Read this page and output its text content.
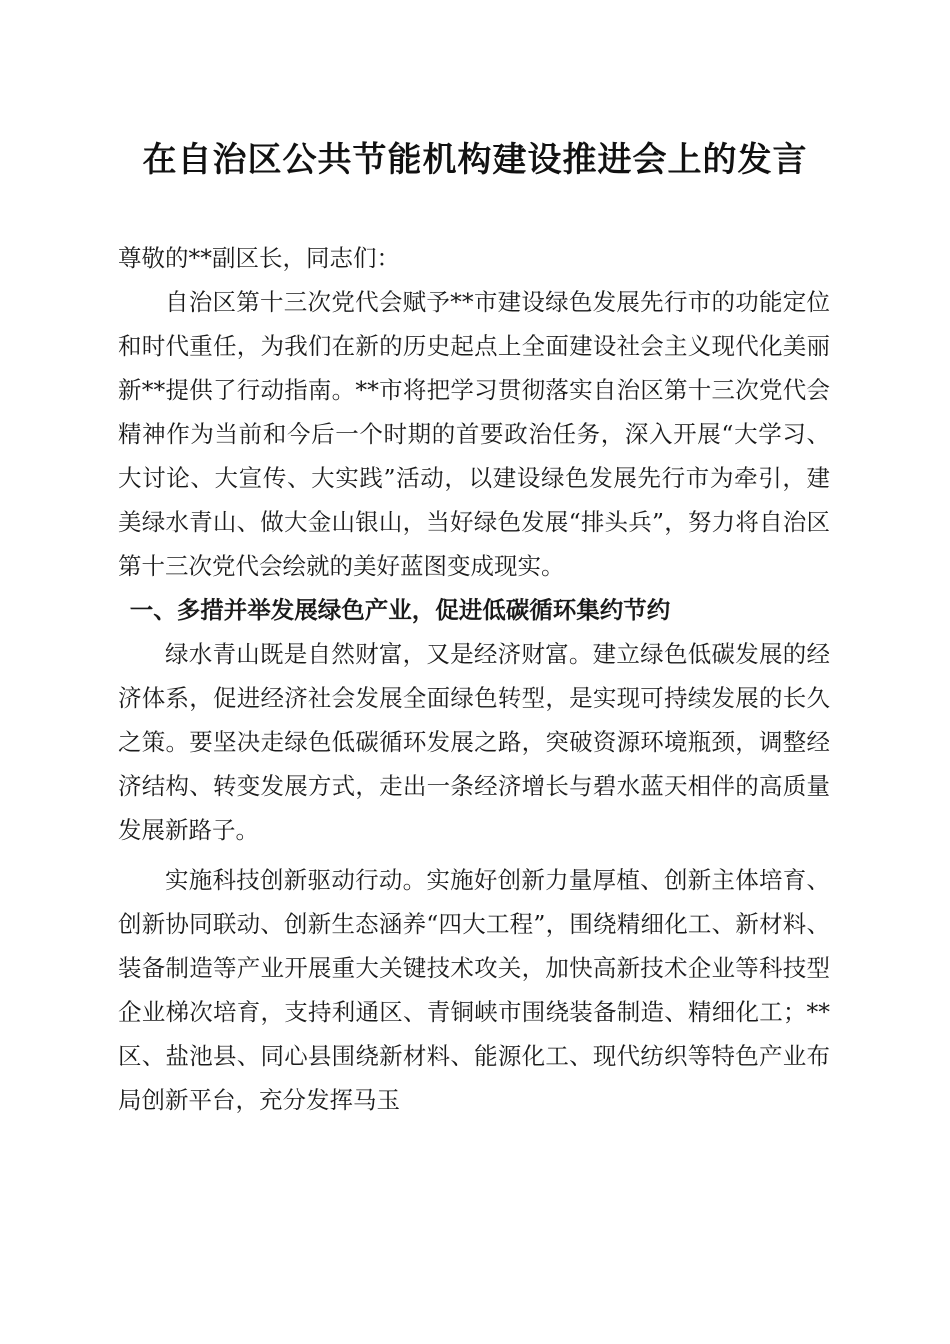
在自治区公共节能机构建设推进会上的发言

尊敬的**副区长，同志们：

自治区第十三次党代会赋予**市建设绿色发展先行市的功能定位和时代重任，为我们在新的历史起点上全面建设社会主义现代化美丽新**提供了行动指南。**市将把学习贯彻落实自治区第十三次党代会精神作为当前和今后一个时期的首要政治任务，深入开展“大学习、大讨论、大宣传、大实践”活动，以建设绿色发展先行市为牵引，建美绿水青山、做大金山银山，当好绿色发展“排头兵”，努力将自治区第十三次党代会绘就的美好蓝图变成现实。

一、多措并举发展绿色产业，促进低碳循环集约节约

绿水青山既是自然财富，又是经济财富。建立绿色低碳发展的经济体系，促进经济社会发展全面绿色转型，是实现可持续发展的长久之策。要坚决走绿色低碳循环发展之路，突破资源环境瓶颈，调整经济结构、转变发展方式，走出一条经济增长与碧水蓝天相伴的高质量发展新路子。

实施科技创新驱动行动。实施好创新力量厚植、创新主体培育、创新协同联动、创新生态涵养“四大工程”，围绕精细化工、新材料、装备制造等产业开展重大关键技术攻关，加快高新技术企业等科技型企业梯次培育，支持利通区、青铜峡市围绕装备制造、精细化工；**区、盐池县、同心县围绕新材料、能源化工、现代纺织等特色产业布局创新平台，充分发挥马玉
